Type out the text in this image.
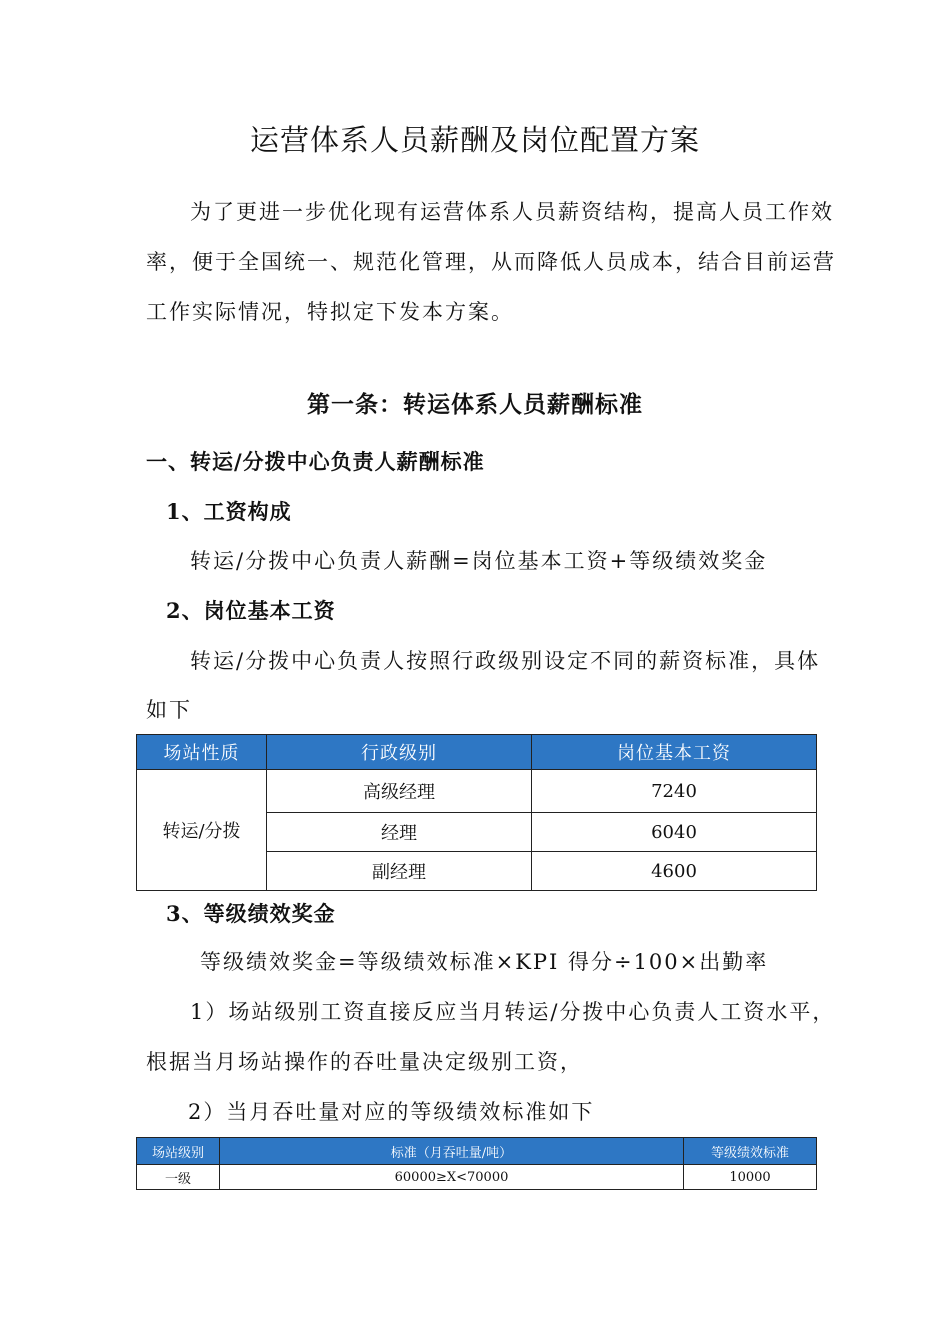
运营体系人员薪酬及岗位配置方案
为了更进一步优化现有运营体系人员薪资结构，提高人员工作效
率，便于全国统一、规范化管理，从而降低人员成本，结合目前运营
工作实际情况，特拟定下发本方案。
第一条：转运体系人员薪酬标准
一、转运/分拨中心负责人薪酬标准
1、工资构成
转运/分拨中心负责人薪酬=岗位基本工资+等级绩效奖金
2、岗位基本工资
转运/分拨中心负责人按照行政级别设定不同的薪资标准，具体
如下
场站性质	行政级别	岗位基本工资
转运/分拨	高级经理	7240
	经理	6040
	副经理	4600
3、等级绩效奖金
等级绩效奖金=等级绩效标准×KPI 得分÷100×出勤率
1）场站级别工资直接反应当月转运/分拨中心负责人工资水平，
根据当月场站操作的吞吐量决定级别工资，
2）当月吞吐量对应的等级绩效标准如下
场站级别	标准（月吞吐量/吨）	等级绩效标准
一级	60000≥X<70000	10000
